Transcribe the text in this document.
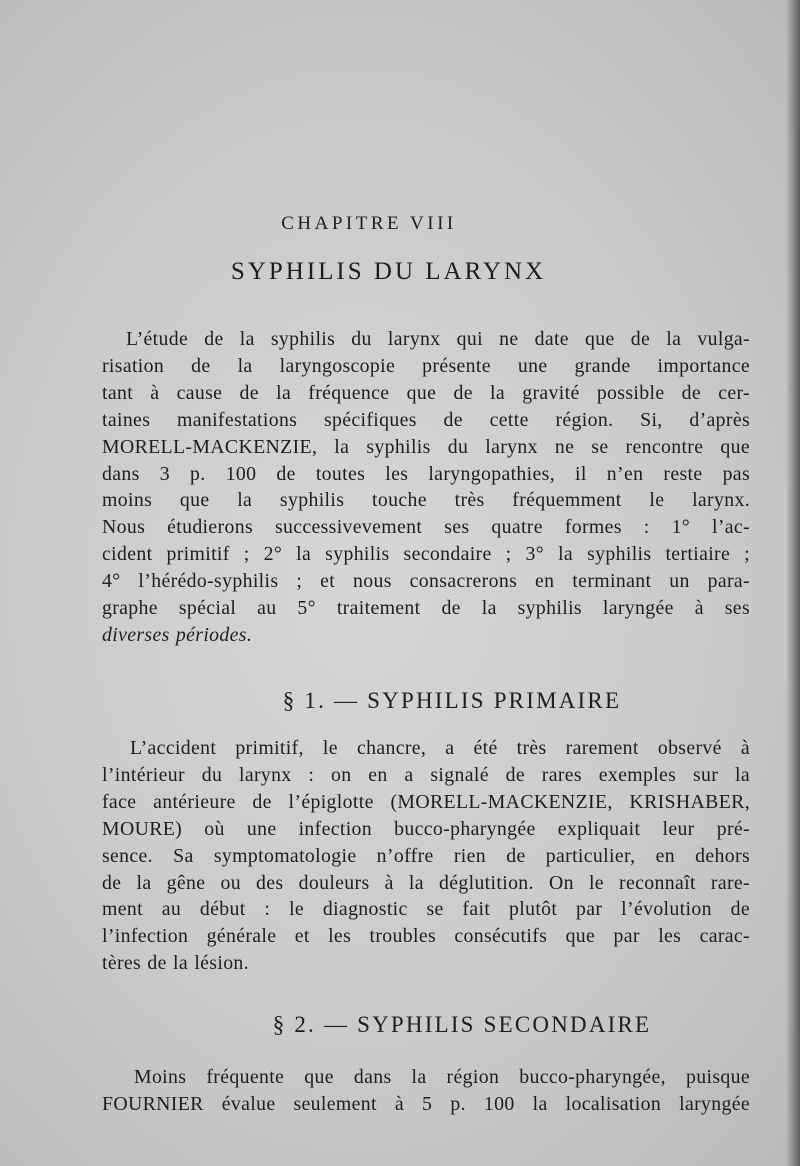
CHAPITRE VIII
SYPHILIS DU LARYNX
L’étude de la syphilis du larynx qui ne date que de la vulga-
risation de la laryngoscopie présente une grande importance
tant à cause de la fréquence que de la gravité possible de cer-
taines manifestations spécifiques de cette région. Si, d’après
MORELL-MACKENZIE, la syphilis du larynx ne se rencontre que
dans 3 p. 100 de toutes les laryngopathies, il n’en reste pas
moins que la syphilis touche très fréquemment le larynx.
Nous étudierons successivevement ses quatre formes : 1° l’ac-
cident primitif ; 2° la syphilis secondaire ; 3° la syphilis tertiaire ;
4° l’hérédo-syphilis ; et nous consacrerons en terminant un para-
graphe spécial au 5° traitement de la syphilis laryngée à ses
diverses périodes.
§ 1. — SYPHILIS PRIMAIRE
L’accident primitif, le chancre, a été très rarement observé à
l’intérieur du larynx : on en a signalé de rares exemples sur la
face antérieure de l’épiglotte (MORELL-MACKENZIE, KRISHABER,
MOURE) où une infection bucco-pharyngée expliquait leur pré-
sence. Sa symptomatologie n’offre rien de particulier, en dehors
de la gêne ou des douleurs à la déglutition. On le reconnaît rare-
ment au début : le diagnostic se fait plutôt par l’évolution de
l’infection générale et les troubles consécutifs que par les carac-
tères de la lésion.
§ 2. — SYPHILIS SECONDAIRE
Moins fréquente que dans la région bucco-pharyngée, puisque
FOURNIER évalue seulement à 5 p. 100 la localisation laryngée
